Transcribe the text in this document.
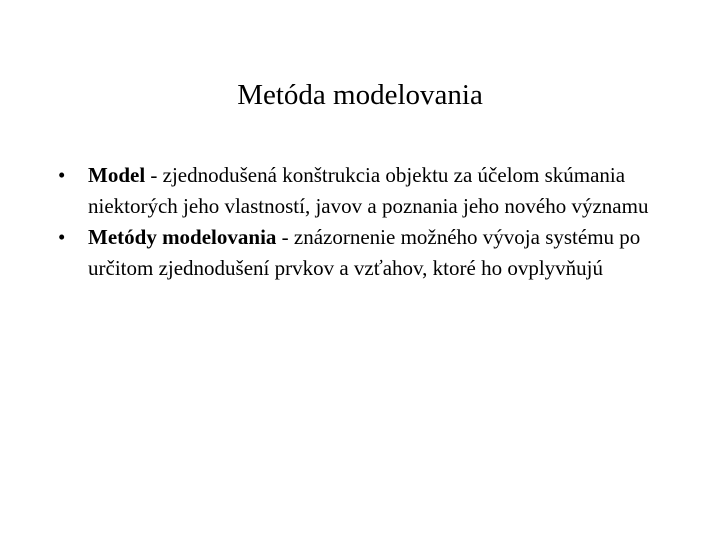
Metóda modelovania
•	Model - zjednodušená konštrukcia objektu za účelom skúmania niektorých jeho vlastností, javov a poznania jeho nového významu
•	Metódy modelovania - znázornenie možného vývoja systému po určitom zjednodušení prvkov a vzťahov, ktoré ho ovplyvňujú
